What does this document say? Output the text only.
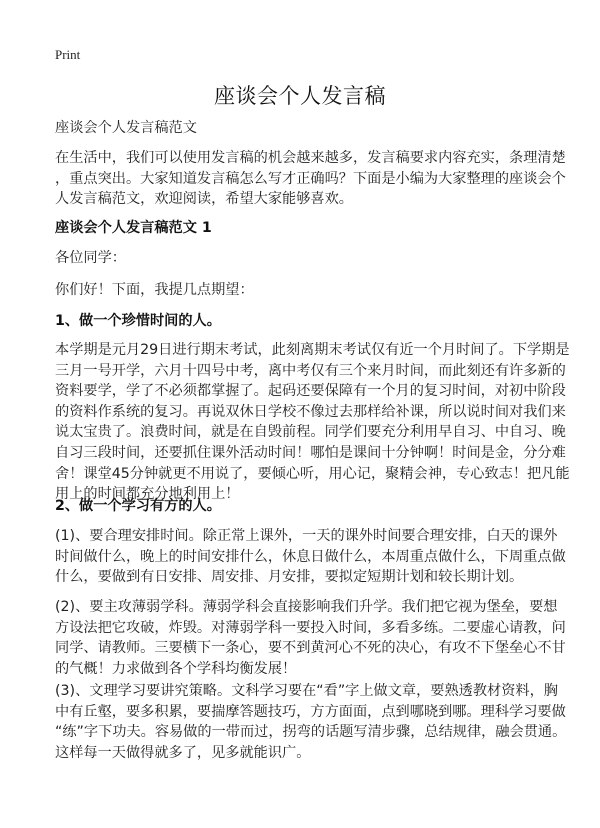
Print
座谈会个人发言稿
座谈会个人发言稿范文
在生活中，我们可以使用发言稿的机会越来越多，发言稿要求内容充实，条理清楚
，重点突出。大家知道发言稿怎么写才正确吗？下面是小编为大家整理的座谈会个
人发言稿范文，欢迎阅读，希望大家能够喜欢。
座谈会个人发言稿范文 1
各位同学：
你们好！下面，我提几点期望：
1、做一个珍惜时间的人。
本学期是元月29日进行期末考试，此刻离期末考试仅有近一个月时间了。下学期是
三月一号开学，六月十四号中考，离中考仅有三个来月时间，而此刻还有许多新的
资料要学，学了不必须都掌握了。起码还要保障有一个月的复习时间，对初中阶段
的资料作系统的复习。再说双休日学校不像过去那样给补课，所以说时间对我们来
说太宝贵了。浪费时间，就是在自毁前程。同学们要充分利用早自习、中自习、晚
自习三段时间，还要抓住课外活动时间！哪怕是课间十分钟啊！时间是金，分分难
舍！课堂45分钟就更不用说了，要倾心听，用心记，聚精会神，专心致志！把凡能
用上的时间都充分地利用上！
2、做一个学习有方的人。
(1)、要合理安排时间。除正常上课外，一天的课外时间要合理安排，白天的课外
时间做什么，晚上的时间安排什么，休息日做什么，本周重点做什么，下周重点做
什么，要做到有日安排、周安排、月安排，要拟定短期计划和较长期计划。
(2)、要主攻薄弱学科。薄弱学科会直接影响我们升学。我们把它视为堡垒，要想
方设法把它攻破，炸毁。对薄弱学科一要投入时间，多看多练。二要虚心请教，问
同学、请教师。三要横下一条心，要不到黄河心不死的决心，有攻不下堡垒心不甘
的气概！力求做到各个学科均衡发展！
(3)、文理学习要讲究策略。文科学习要在“看”字上做文章，要熟透教材资料，胸
中有丘壑，要多积累，要揣摩答题技巧，方方面面，点到哪晓到哪。理科学习要做
“练”字下功夫。容易做的一带而过，拐弯的话题写清步骤，总结规律，融会贯通。
这样每一天做得就多了，见多就能识广。
